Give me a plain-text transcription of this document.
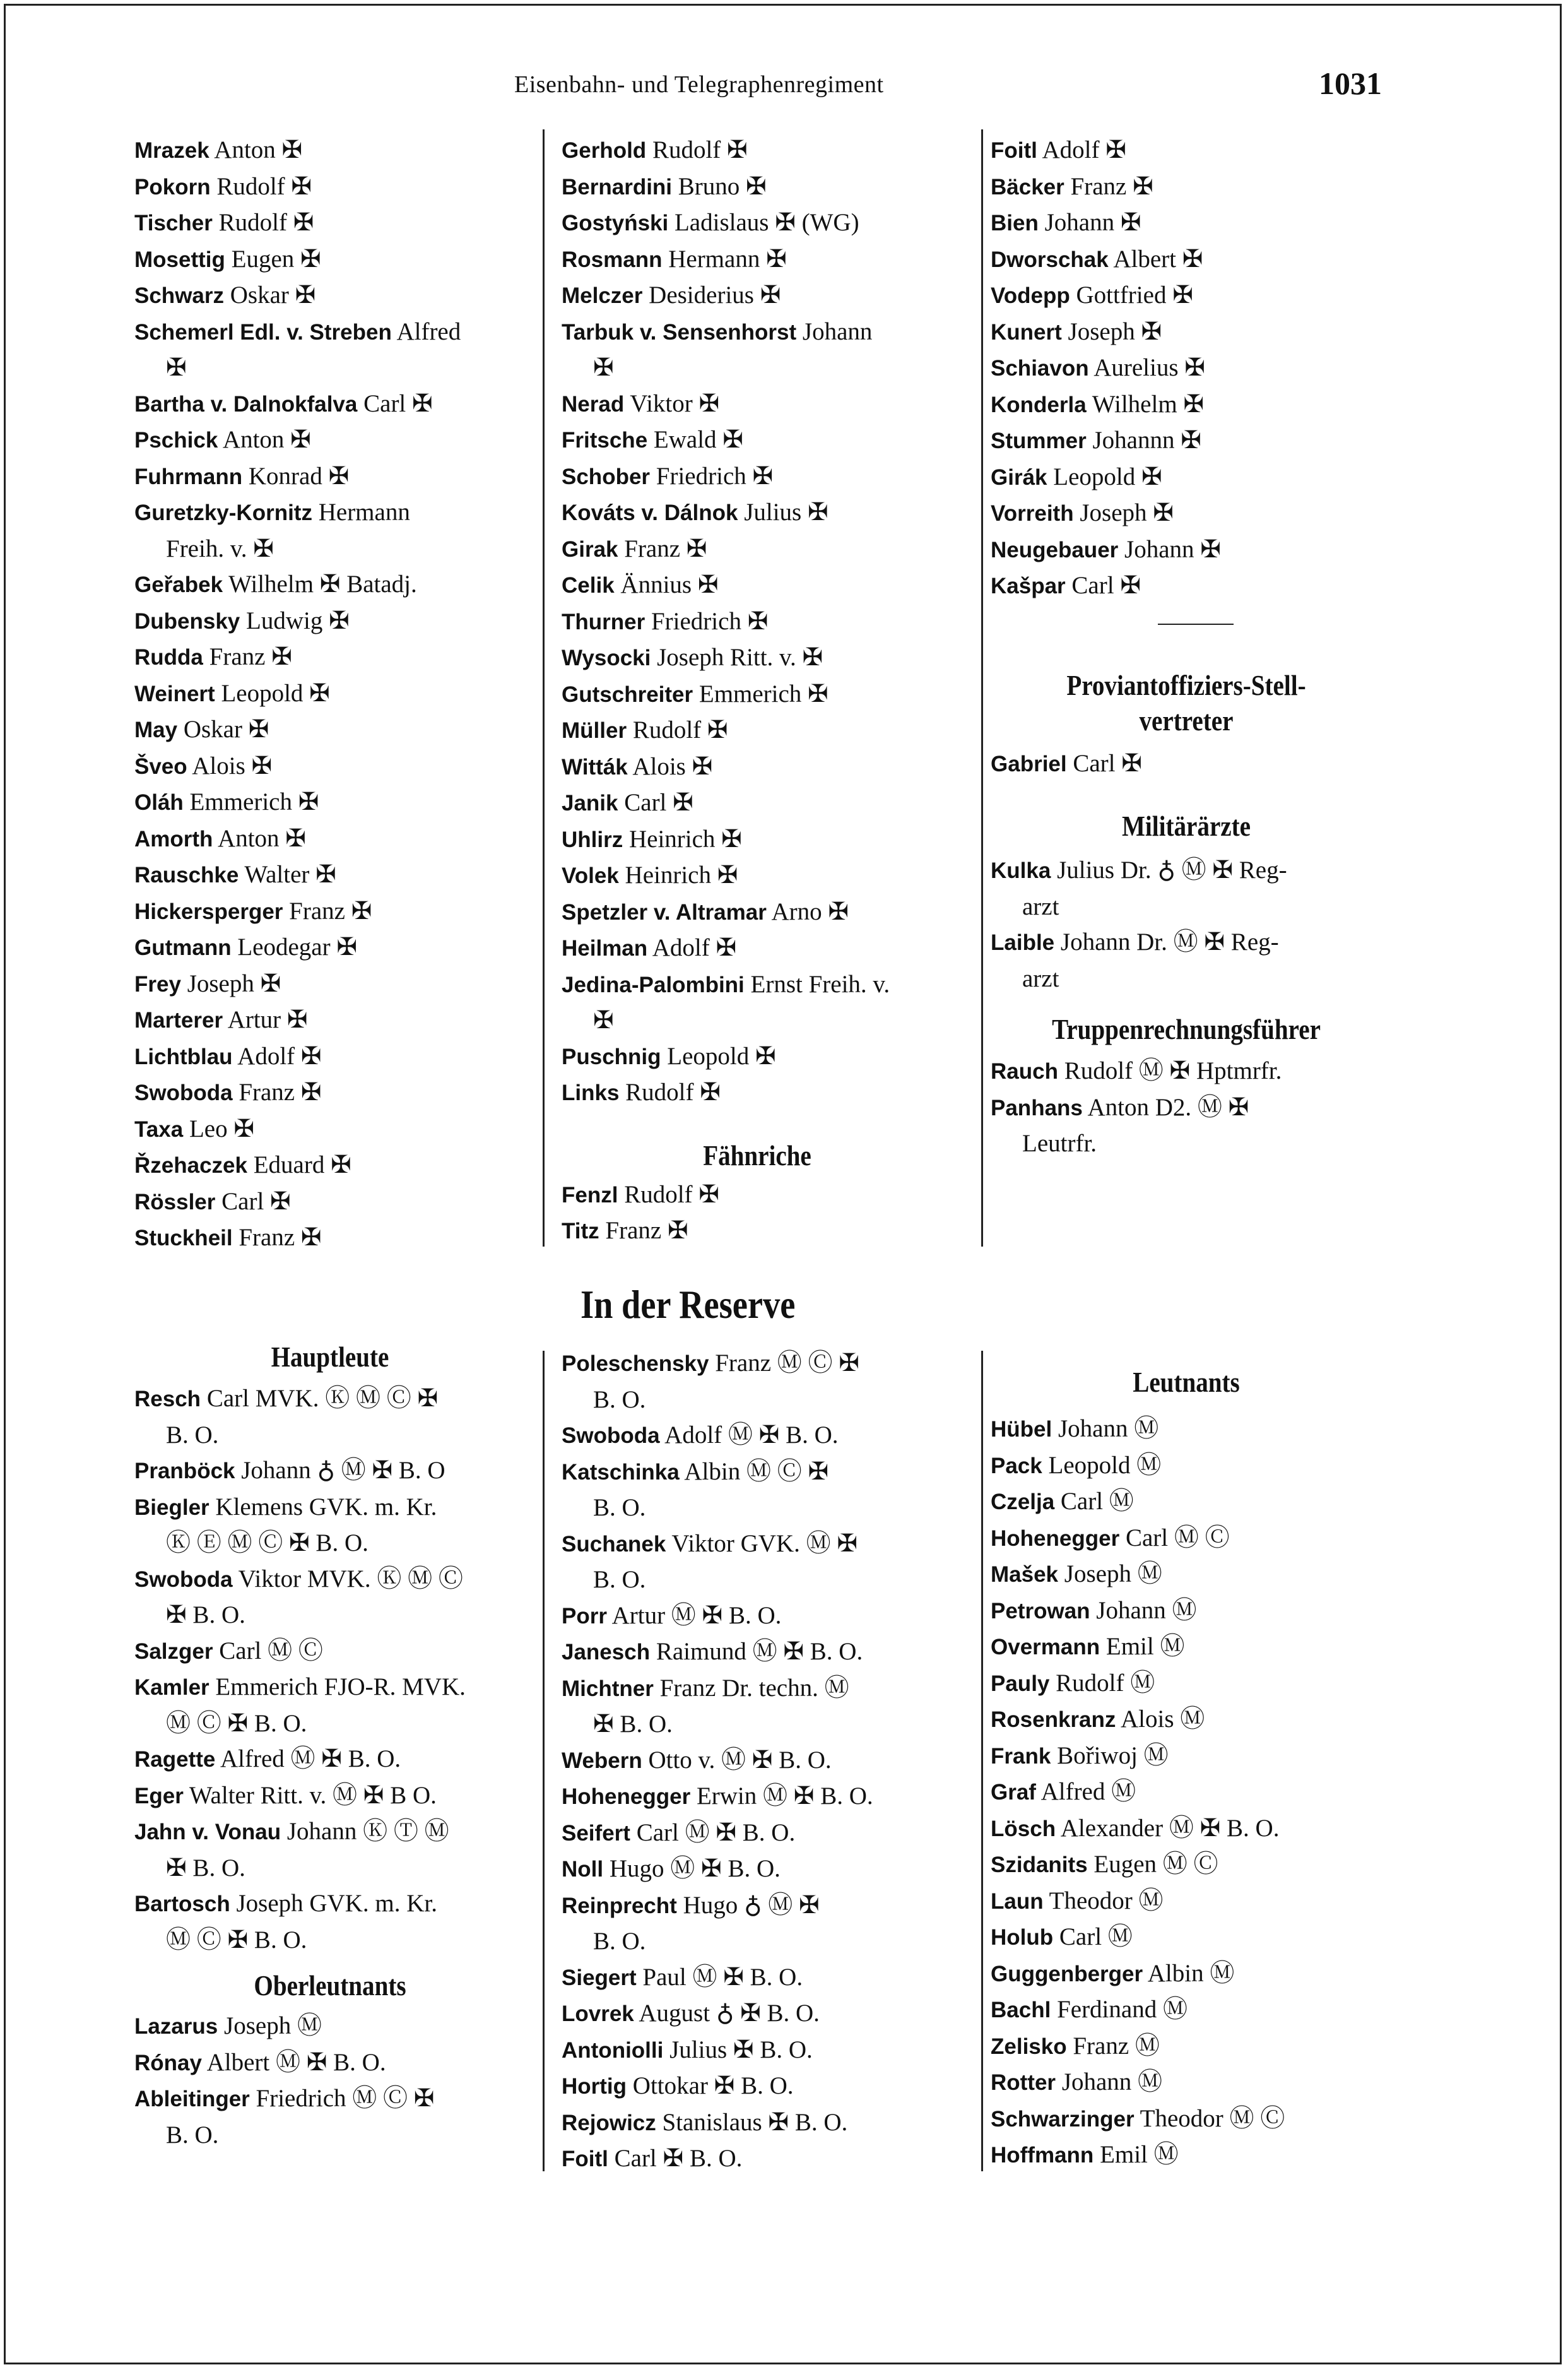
Eisenbahn- und Telegraphenregiment	1031
Mrazek Anton ✠
Pokorn Rudolf ✠
Tischer Rudolf ✠
Mosettig Eugen ✠
Schwarz Oskar ✠
Schemerl Edl. v. Streben Alfred
✠
Bartha v. Dalnokfalva Carl ✠
Pschick Anton ✠
Fuhrmann Konrad ✠
Guretzky-Kornitz Hermann
Freih. v. ✠
Geřabek Wilhelm ✠ Batadj.
Dubensky Ludwig ✠
Rudda Franz ✠
Weinert Leopold ✠
May Oskar ✠
Šveo Alois ✠
Oláh Emmerich ✠
Amorth Anton ✠
Rauschke Walter ✠
Hickersperger Franz ✠
Gutmann Leodegar ✠
Frey Joseph ✠
Marterer Artur ✠
Lichtblau Adolf ✠
Swoboda Franz ✠
Taxa Leo ✠
Řzehaczek Eduard ✠
Rössler Carl ✠
Stuckheil Franz ✠
Gerhold Rudolf ✠
Bernardini Bruno ✠
Gostyński Ladislaus ✠ (WG)
Rosmann Hermann ✠
Melczer Desiderius ✠
Tarbuk v. Sensenhorst Johann
✠
Nerad Viktor ✠
Fritsche Ewald ✠
Schober Friedrich ✠
Kováts v. Dálnok Julius ✠
Girak Franz ✠
Celik Ännius ✠
Thurner Friedrich ✠
Wysocki Joseph Ritt. v. ✠
Gutschreiter Emmerich ✠
Müller Rudolf ✠
Witták Alois ✠
Janik Carl ✠
Uhlirz Heinrich ✠
Volek Heinrich ✠
Spetzler v. Altramar Arno ✠
Heilman Adolf ✠
Jedina-Palombini Ernst Freih. v.
✠
Puschnig Leopold ✠
Links Rudolf ✠
Fähnriche
Fenzl Rudolf ✠
Titz Franz ✠
Foitl Adolf ✠
Bäcker Franz ✠
Bien Johann ✠
Dworschak Albert ✠
Vodepp Gottfried ✠
Kunert Joseph ✠
Schiavon Aurelius ✠
Konderla Wilhelm ✠
Stummer Johannn ✠
Girák Leopold ✠
Vorreith Joseph ✠
Neugebauer Johann ✠
Kašpar Carl ✠
Proviantoffiziers-Stell-
vertreter
Gabriel Carl ✠
Militärärzte
Kulka Julius Dr. ♁ Ⓜ ✠ Reg-
arzt
Laible Johann Dr. Ⓜ ✠ Reg-
arzt
Truppenrechnungsführer
Rauch Rudolf Ⓜ ✠ Hptmrfr.
Panhans Anton D2. Ⓜ ✠
Leutrfr.
In der Reserve
Hauptleute
Resch Carl MVK. Ⓚ Ⓜ Ⓒ ✠
B. O.
Pranböck Johann ♁ Ⓜ ✠ B. O
Biegler Klemens GVK. m. Kr.
Ⓚ Ⓔ Ⓜ Ⓒ ✠ B. O.
Swoboda Viktor MVK. Ⓚ Ⓜ Ⓒ
✠ B. O.
Salzger Carl Ⓜ Ⓒ
Kamler Emmerich FJO-R. MVK.
Ⓜ Ⓒ ✠ B. O.
Ragette Alfred Ⓜ ✠ B. O.
Eger Walter Ritt. v. Ⓜ ✠ B O.
Jahn v. Vonau Johann Ⓚ Ⓣ Ⓜ
✠ B. O.
Bartosch Joseph GVK. m. Kr.
Ⓜ Ⓒ ✠ B. O.
Oberleutnants
Lazarus Joseph Ⓜ
Rónay Albert Ⓜ ✠ B. O.
Ableitinger Friedrich Ⓜ Ⓒ ✠
B. O.
Poleschensky Franz Ⓜ Ⓒ ✠
B. O.
Swoboda Adolf Ⓜ ✠ B. O.
Katschinka Albin Ⓜ Ⓒ ✠
B. O.
Suchanek Viktor GVK. Ⓜ ✠
B. O.
Porr Artur Ⓜ ✠ B. O.
Janesch Raimund Ⓜ ✠ B. O.
Michtner Franz Dr. techn. Ⓜ
✠ B. O.
Webern Otto v. Ⓜ ✠ B. O.
Hohenegger Erwin Ⓜ ✠ B. O.
Seifert Carl Ⓜ ✠ B. O.
Noll Hugo Ⓜ ✠ B. O.
Reinprecht Hugo ♁ Ⓜ ✠
B. O.
Siegert Paul Ⓜ ✠ B. O.
Lovrek August ♁ ✠ B. O.
Antoniolli Julius ✠ B. O.
Hortig Ottokar ✠ B. O.
Rejowicz Stanislaus ✠ B. O.
Foitl Carl ✠ B. O.
Leutnants
Hübel Johann Ⓜ
Pack Leopold Ⓜ
Czelja Carl Ⓜ
Hohenegger Carl Ⓜ Ⓒ
Mašek Joseph Ⓜ
Petrowan Johann Ⓜ
Overmann Emil Ⓜ
Pauly Rudolf Ⓜ
Rosenkranz Alois Ⓜ
Frank Bořiwoj Ⓜ
Graf Alfred Ⓜ
Lösch Alexander Ⓜ ✠ B. O.
Szidanits Eugen Ⓜ Ⓒ
Laun Theodor Ⓜ
Holub Carl Ⓜ
Guggenberger Albin Ⓜ
Bachl Ferdinand Ⓜ
Zelisko Franz Ⓜ
Rotter Johann Ⓜ
Schwarzinger Theodor Ⓜ Ⓒ
Hoffmann Emil Ⓜ
